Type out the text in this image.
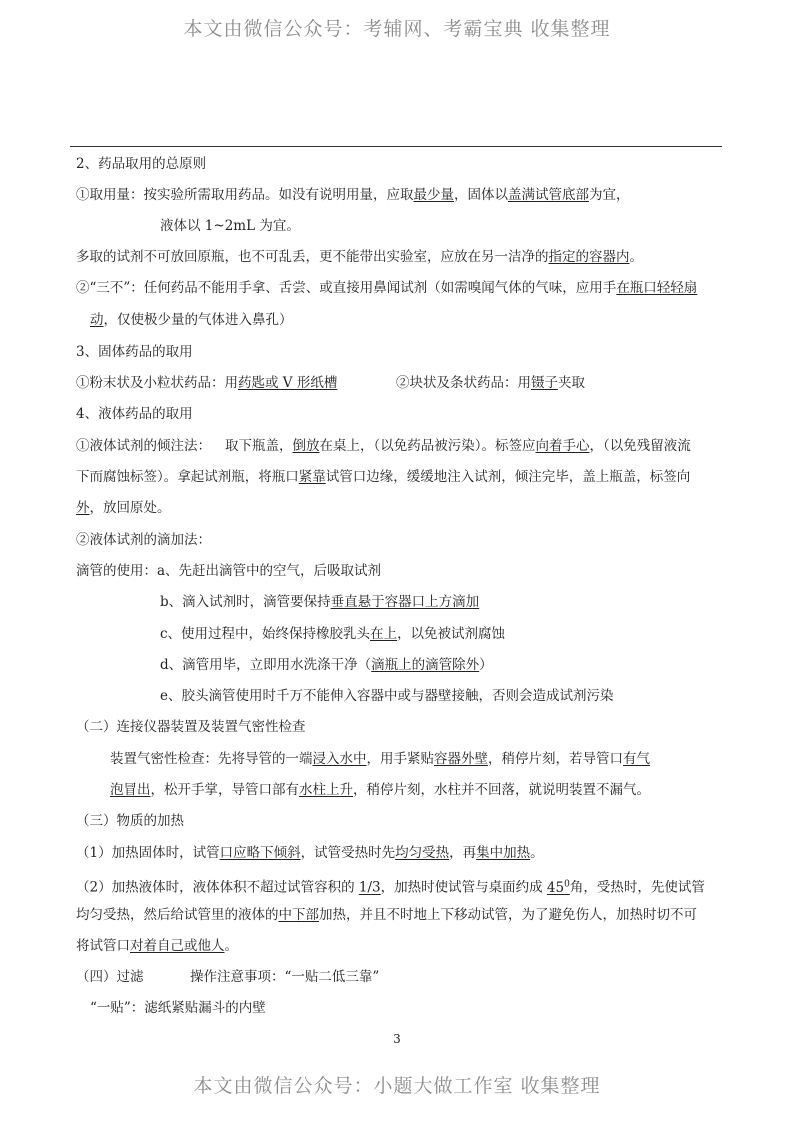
本文由微信公众号：考辅网、考霸宝典 收集整理
2、药品取用的总原则
①取用量：按实验所需取用药品。如没有说明用量，应取最少量，固体以盖满试管底部为宜，
液体以 1~2mL 为宜。
多取的试剂不可放回原瓶，也不可乱丢，更不能带出实验室，应放在另一洁净的指定的容器内。
②“三不”：任何药品不能用手拿、舌尝、或直接用鼻闻试剂（如需嗅闻气体的气味，应用手在瓶口轻轻扇
动，仅使极少量的气体进入鼻孔）
3、固体药品的取用
①粉末状及小粒状药品：用药匙或 V 形纸槽	②块状及条状药品：用镊子夹取
4、液体药品的取用
①液体试剂的倾注法： 取下瓶盖，倒放在桌上，（以免药品被污染）。标签应向着手心，（以免残留液流
下而腐蚀标签）。拿起试剂瓶，将瓶口紧靠试管口边缘，缓缓地注入试剂，倾注完毕，盖上瓶盖，标签向
外，放回原处。
②液体试剂的滴加法：
滴管的使用：a、先赶出滴管中的空气，后吸取试剂
b、滴入试剂时，滴管要保持垂直悬于容器口上方滴加
c、使用过程中，始终保持橡胶乳头在上，以免被试剂腐蚀
d、滴管用毕，立即用水洗涤干净（滴瓶上的滴管除外）
e、胶头滴管使用时千万不能伸入容器中或与器壁接触，否则会造成试剂污染
（二）连接仪器装置及装置气密性检查
装置气密性检查：先将导管的一端浸入水中，用手紧贴容器外壁，稍停片刻，若导管口有气
泡冒出，松开手掌，导管口部有水柱上升，稍停片刻，水柱并不回落，就说明装置不漏气。
（三）物质的加热
（1）加热固体时，试管口应略下倾斜，试管受热时先均匀受热，再集中加热。
（2）加热液体时，液体体积不超过试管容积的 1/3，加热时使试管与桌面约成 $45^0$角，受热时，先使试管
均匀受热，然后给试管里的液体的中下部加热，并且不时地上下移动试管，为了避免伤人，加热时切不可
将试管口对着自己或他人。
（四）过滤	操作注意事项：“一贴二低三靠”
“一贴”：滤纸紧贴漏斗的内壁
3
本文由微信公众号：小题大做工作室 收集整理
